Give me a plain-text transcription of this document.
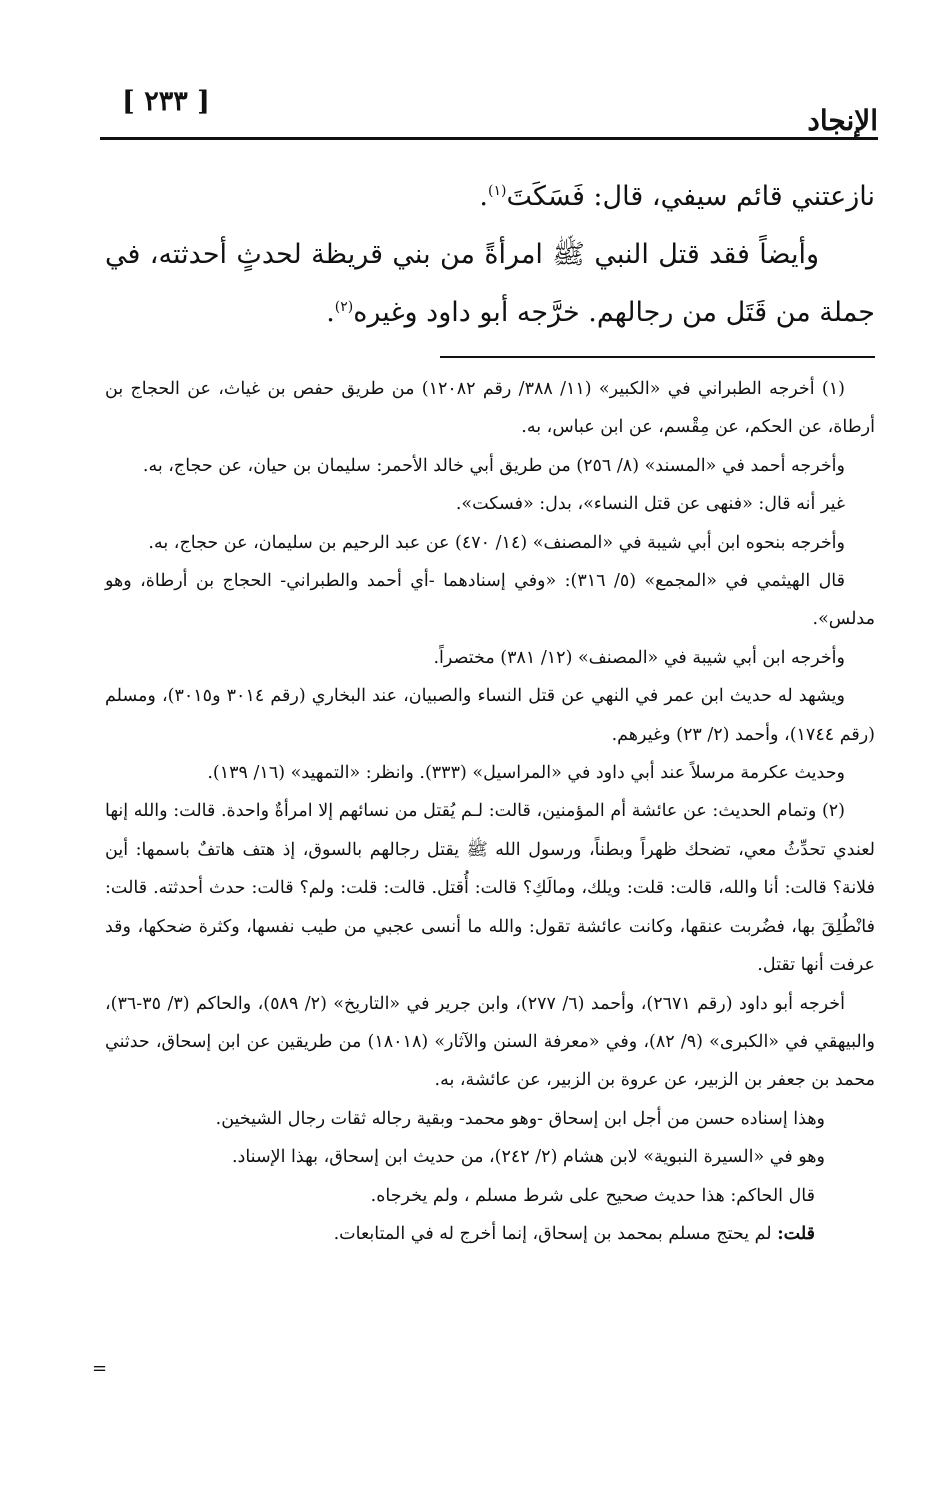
الإنجاد
[ ٢٣٣ ]

نازعتني قائم سيفي، قال: فَسَكَتَ$^{(١)}$.

وأيضاً فقد قتل النبي ﷺ امرأةً من بني قريظة لحدثٍ أحدثته، في جملة من قَتَل من رجالهم. خرَّجه أبو داود وغيره$^{(٢)}$.

(١) أخرجه الطبراني في «الكبير» (١١/ ٣٨٨/ رقم ١٢٠٨٢) من طريق حفص بن غياث، عن الحجاج بن أرطاة، عن الحكم، عن مِقْسم، عن ابن عباس، به.

وأخرجه أحمد في «المسند» (٨/ ٢٥٦) من طريق أبي خالد الأحمر: سليمان بن حيان، عن حجاج، به.

غير أنه قال: «فنهى عن قتل النساء»، بدل: «فسكت».

وأخرجه بنحوه ابن أبي شيبة في «المصنف» (١٤/ ٤٧٠) عن عبد الرحيم بن سليمان، عن حجاج، به.

قال الهيثمي في «المجمع» (٥/ ٣١٦): «وفي إسنادهما -أي أحمد والطبراني- الحجاج بن أرطاة، وهو مدلس».

وأخرجه ابن أبي شيبة في «المصنف» (١٢/ ٣٨١) مختصراً.

ويشهد له حديث ابن عمر في النهي عن قتل النساء والصبيان، عند البخاري (رقم ٣٠١٤ و٣٠١٥)، ومسلم (رقم ١٧٤٤)، وأحمد (٢/ ٢٣) وغيرهم.

وحديث عكرمة مرسلاً عند أبي داود في «المراسيل» (٣٣٣). وانظر: «التمهيد» (١٦/ ١٣٩).

(٢) وتمام الحديث: عن عائشة أم المؤمنين، قالت: لـم يُقتل من نسائهم إلا امرأةٌ واحدة. قالت: والله إنها لعندي تحدِّثُ معي، تضحك ظهراً وبطناً، ورسول الله ﷺ يقتل رجالهم بالسوق، إذ هتف هاتفٌ باسمها: أين فلانة؟ قالت: أنا والله، قالت: قلت: ويلك، ومالَكِ؟ قالت: أُقتل. قالت: قلت: ولم؟ قالت: حدث أحدثته. قالت: فانْطُلِقَ بها، فضُربت عنقها، وكانت عائشة تقول: والله ما أنسى عجبي من طيب نفسها، وكثرة ضحكها، وقد عرفت أنها تقتل.

أخرجه أبو داود (رقم ٢٦٧١)، وأحمد (٦/ ٢٧٧)، وابن جرير في «التاريخ» (٢/ ٥٨٩)، والحاكم (٣/ ٣٥-٣٦)، والبيهقي في «الكبرى» (٩/ ٨٢)، وفي «معرفة السنن والآثار» (١٨٠١٨) من طريقين عن ابن إسحاق، حدثني محمد بن جعفر بن الزبير، عن عروة بن الزبير، عن عائشة، به.

وهذا إسناده حسن من أجل ابن إسحاق -وهو محمد- وبقية رجاله ثقات رجال الشيخين.

وهو في «السيرة النبوية» لابن هشام (٢/ ٢٤٢)، من حديث ابن إسحاق، بهذا الإسناد.

قال الحاكم: هذا حديث صحيح على شرط مسلم ، ولم يخرجاه.

قلت: لم يحتج مسلم بمحمد بن إسحاق، إنما أخرج له في المتابعات.

=
